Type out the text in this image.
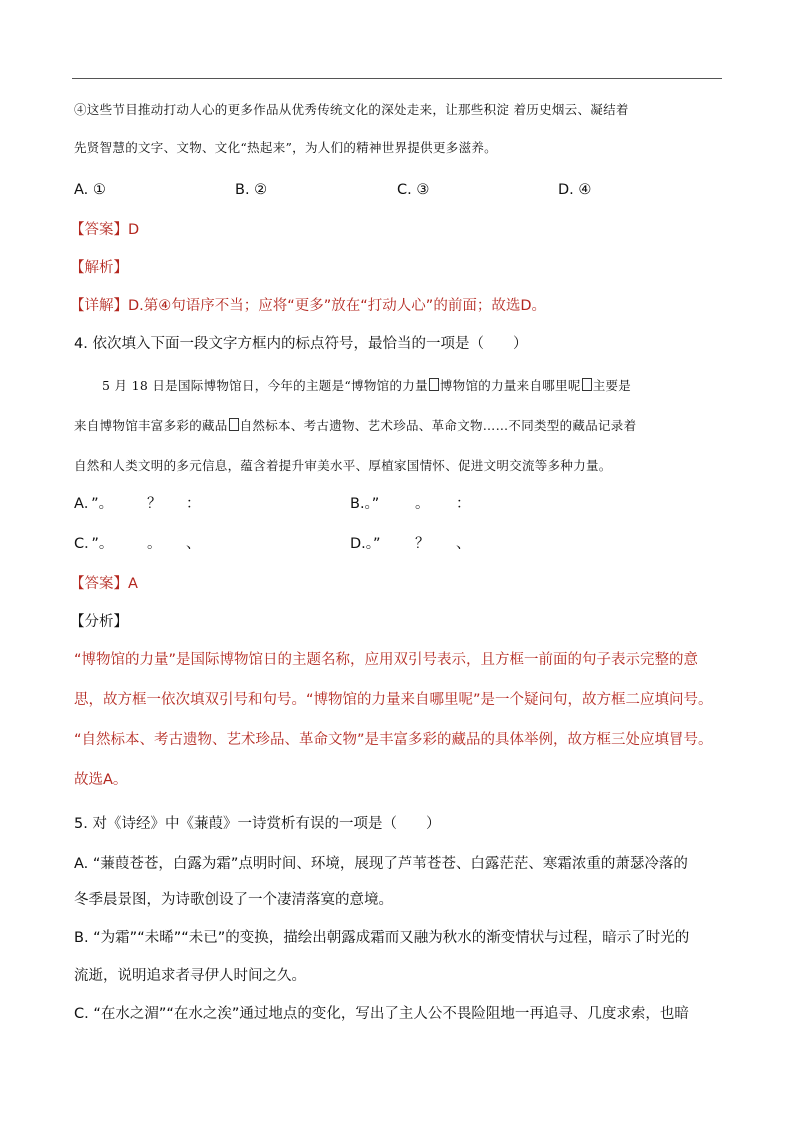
④这些节目推动打动人心的更多作品从优秀传统文化的深处走来，让那些积淀 着历史烟云、凝结着
先贤智慧的文字、文物、文化“热起来”，为人们的精神世界提供更多滋养。
A. ①	B. ②	C. ③	D. ④
【答案】D
【解析】
【详解】D.第④句语序不当；应将“更多”放在“打动人心”的前面；故选D。
4. 依次填入下面一段文字方框内的标点符号，最恰当的一项是（　　）
5 月 18 日是国际博物馆日，今年的主题是“博物馆的力量 博物馆的力量来自哪里呢 主要是
来自博物馆丰富多彩的藏品 自然标本、考古遗物、艺术珍品、革命文物……不同类型的藏品记录着
自然和人类文明的多元信息，蕴含着提升审美水平、厚植家国情怀、促进文明交流等多种力量。
A．”。 ？ ：	B.。” 。 ：
C．”。 。 、	D.。” ？ 、
【答案】A
【分析】
“博物馆的力量”是国际博物馆日的主题名称，应用双引号表示，且方框一前面的句子表示完整的意
思，故方框一依次填双引号和句号。“博物馆的力量来自哪里呢”是一个疑问句，故方框二应填问号。
“自然标本、考古遗物、艺术珍品、革命文物”是丰富多彩的藏品的具体举例，故方框三处应填冒号。
故选A。
5. 对《诗经》中《蒹葭》一诗赏析有误的一项是（　　）
A. “蒹葭苍苍，白露为霜”点明时间、环境，展现了芦苇苍苍、白露茫茫、寒霜浓重的萧瑟冷落的
冬季晨景图，为诗歌创设了一个凄清落寞的意境。
B. “为霜”“未晞”“未已”的变换，描绘出朝露成霜而又融为秋水的渐变情状与过程，暗示了时光的
流逝，说明追求者寻伊人时间之久。
C. “在水之湄”“在水之涘”通过地点的变化，写出了主人公不畏险阻地一再追寻、几度求索，也暗
